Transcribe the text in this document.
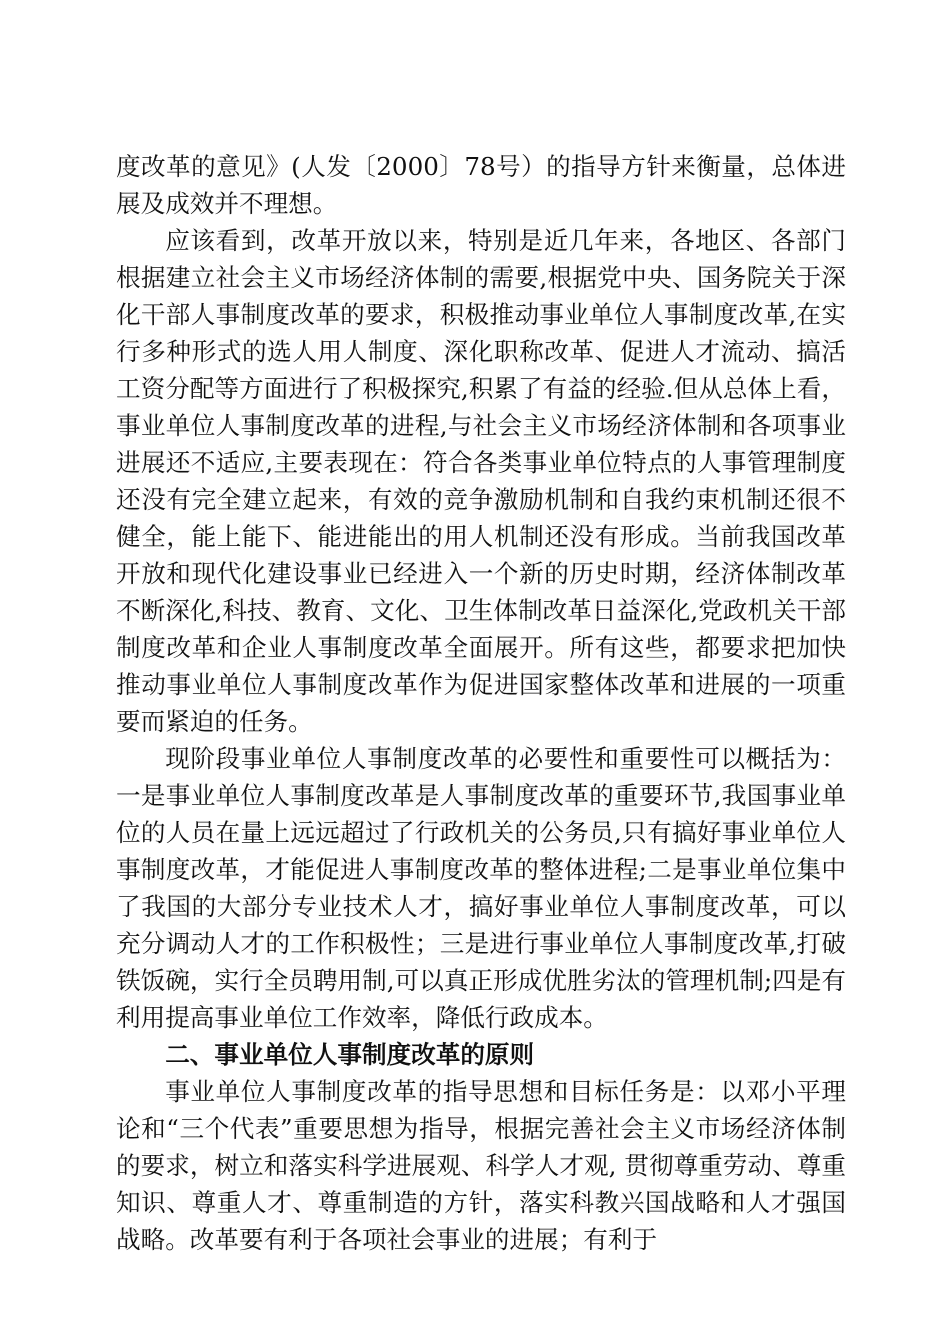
度改革的意见》(人发〔2000〕78号）的指导方针来衡量，总体进展及成效并不理想。

应该看到，改革开放以来，特别是近几年来，各地区、各部门根据建立社会主义市场经济体制的需要,根据党中央、国务院关于深化干部人事制度改革的要求，积极推动事业单位人事制度改革,在实行多种形式的选人用人制度、深化职称改革、促进人才流动、搞活工资分配等方面进行了积极探究,积累了有益的经验.但从总体上看，事业单位人事制度改革的进程,与社会主义市场经济体制和各项事业进展还不适应,主要表现在：符合各类事业单位特点的人事管理制度还没有完全建立起来，有效的竞争激励机制和自我约束机制还很不健全，能上能下、能进能出的用人机制还没有形成。当前我国改革开放和现代化建设事业已经进入一个新的历史时期，经济体制改革不断深化,科技、教育、文化、卫生体制改革日益深化,党政机关干部制度改革和企业人事制度改革全面展开。所有这些，都要求把加快推动事业单位人事制度改革作为促进国家整体改革和进展的一项重要而紧迫的任务。

现阶段事业单位人事制度改革的必要性和重要性可以概括为：一是事业单位人事制度改革是人事制度改革的重要环节,我国事业单位的人员在量上远远超过了行政机关的公务员,只有搞好事业单位人事制度改革，才能促进人事制度改革的整体进程;二是事业单位集中了我国的大部分专业技术人才，搞好事业单位人事制度改革，可以充分调动人才的工作积极性；三是进行事业单位人事制度改革,打破铁饭碗，实行全员聘用制,可以真正形成优胜劣汰的管理机制;四是有利用提高事业单位工作效率，降低行政成本。

二、事业单位人事制度改革的原则

事业单位人事制度改革的指导思想和目标任务是：以邓小平理论和“三个代表”重要思想为指导，根据完善社会主义市场经济体制的要求，树立和落实科学进展观、科学人才观, 贯彻尊重劳动、尊重知识、尊重人才、尊重制造的方针，落实科教兴国战略和人才强国战略。改革要有利于各项社会事业的进展；有利于
